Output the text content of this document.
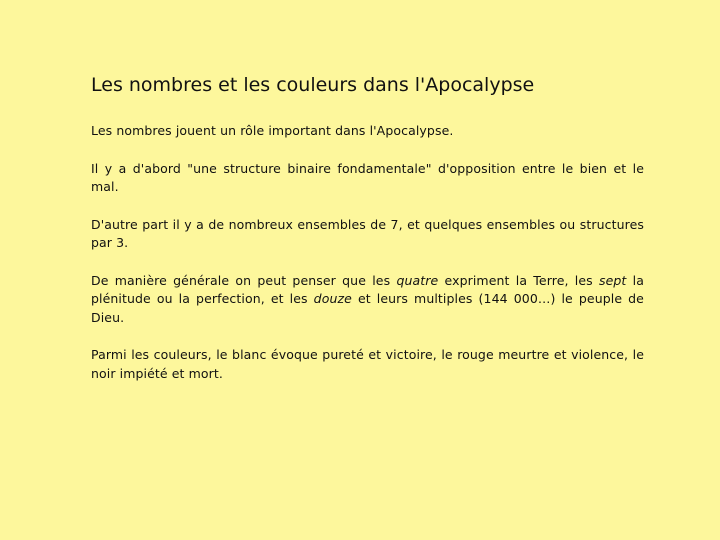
Les nombres et les couleurs dans l'Apocalypse

Les nombres jouent un rôle important dans l'Apocalypse.

Il y a d'abord "une structure binaire fondamentale" d'opposition entre le bien et le mal.

D'autre part il y a de nombreux ensembles de 7, et quelques ensembles ou structures par 3.

De manière générale on peut penser que les quatre expriment la Terre, les sept la plénitude ou la perfection, et les douze et leurs multiples (144 000…) le peuple de Dieu.

Parmi les couleurs, le blanc évoque pureté et victoire, le rouge meurtre et violence, le noir impiété et mort.
